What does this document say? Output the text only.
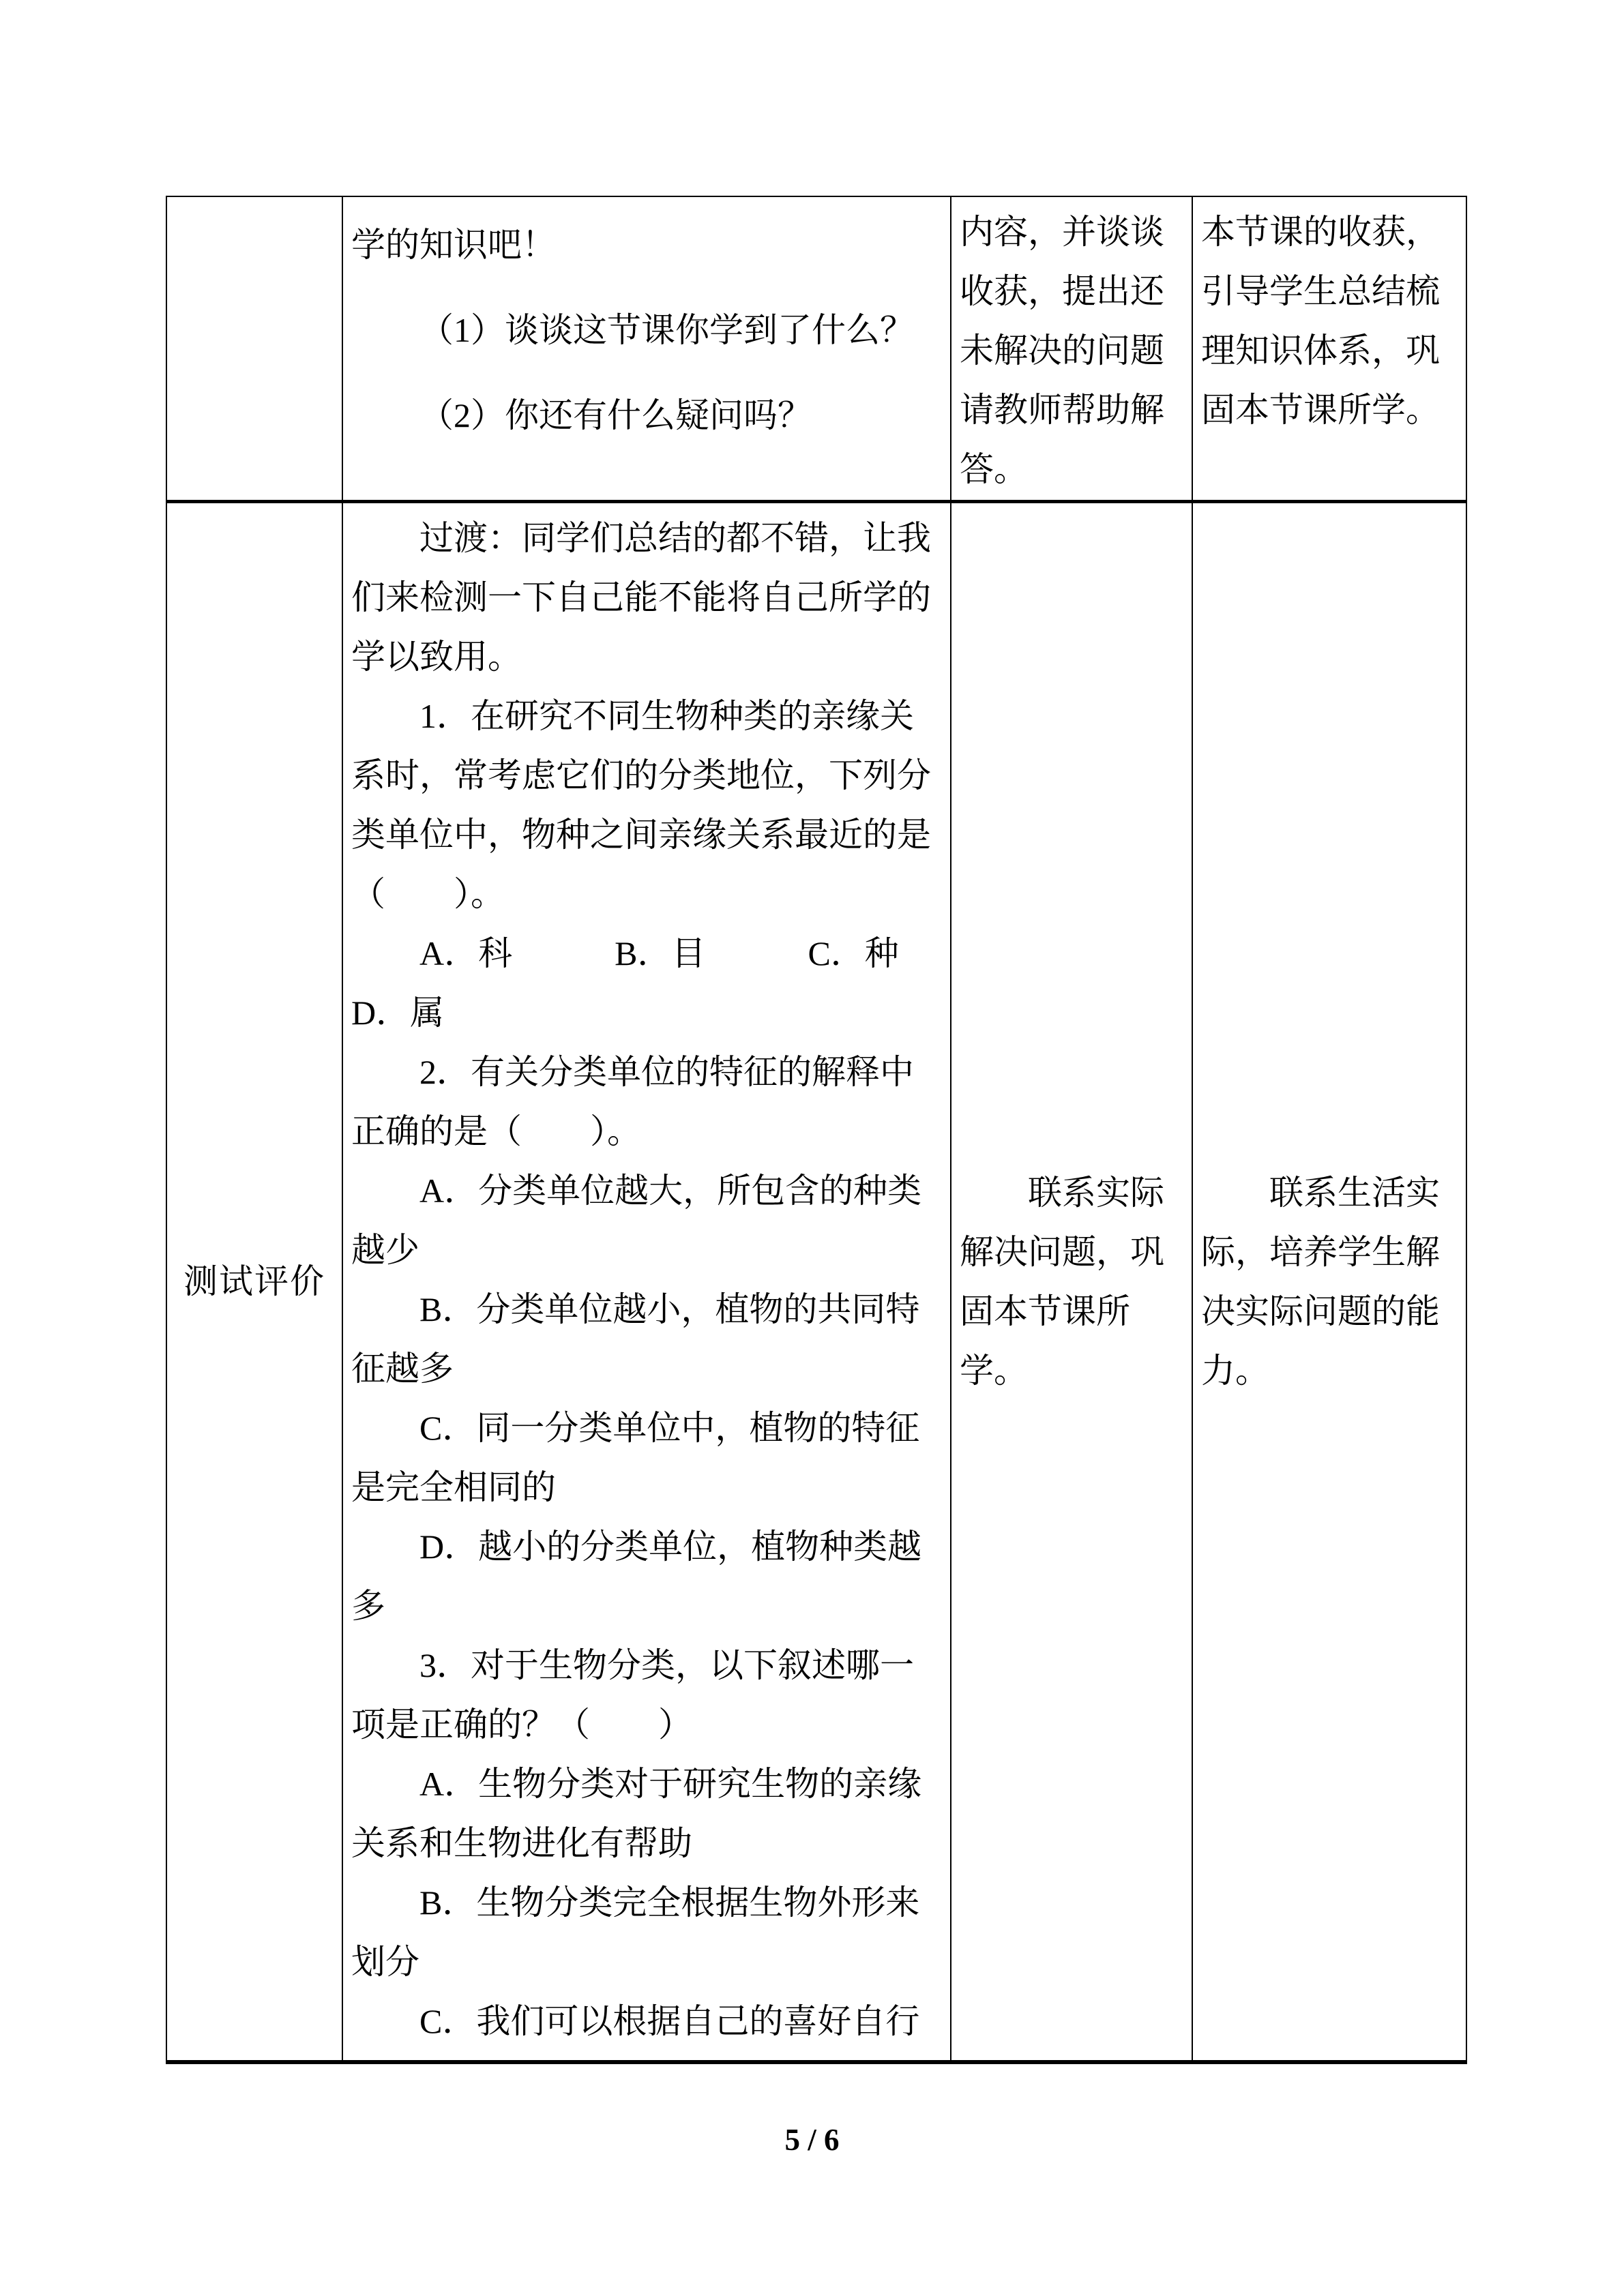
学的知识吧！
（1）谈谈这节课你学到了什么？
（2）你还有什么疑问吗？
内容，并谈谈
收获，提出还
未解决的问题
请教师帮助解
答。
本节课的收获，
引导学生总结梳
理知识体系，巩
固本节课所学。
测试评价
过渡：同学们总结的都不错，让我
们来检测一下自己能不能将自己所学的
学以致用。
1．在研究不同生物种类的亲缘关
系时，常考虑它们的分类地位，下列分
类单位中，物种之间亲缘关系最近的是
（　　）。
A．科　　　B．目　　　C．种
D．属
2．有关分类单位的特征的解释中
正确的是（　　）。
A．分类单位越大，所包含的种类
越少
B．分类单位越小，植物的共同特
征越多
C．同一分类单位中，植物的特征
是完全相同的
D．越小的分类单位，植物种类越
多
3．对于生物分类，以下叙述哪一
项是正确的？（　　）
A．生物分类对于研究生物的亲缘
关系和生物进化有帮助
B．生物分类完全根据生物外形来
划分
C．我们可以根据自己的喜好自行
联系实际
解决问题，巩
固本节课所
学。
联系生活实
际，培养学生解
决实际问题的能
力。
5 / 6
